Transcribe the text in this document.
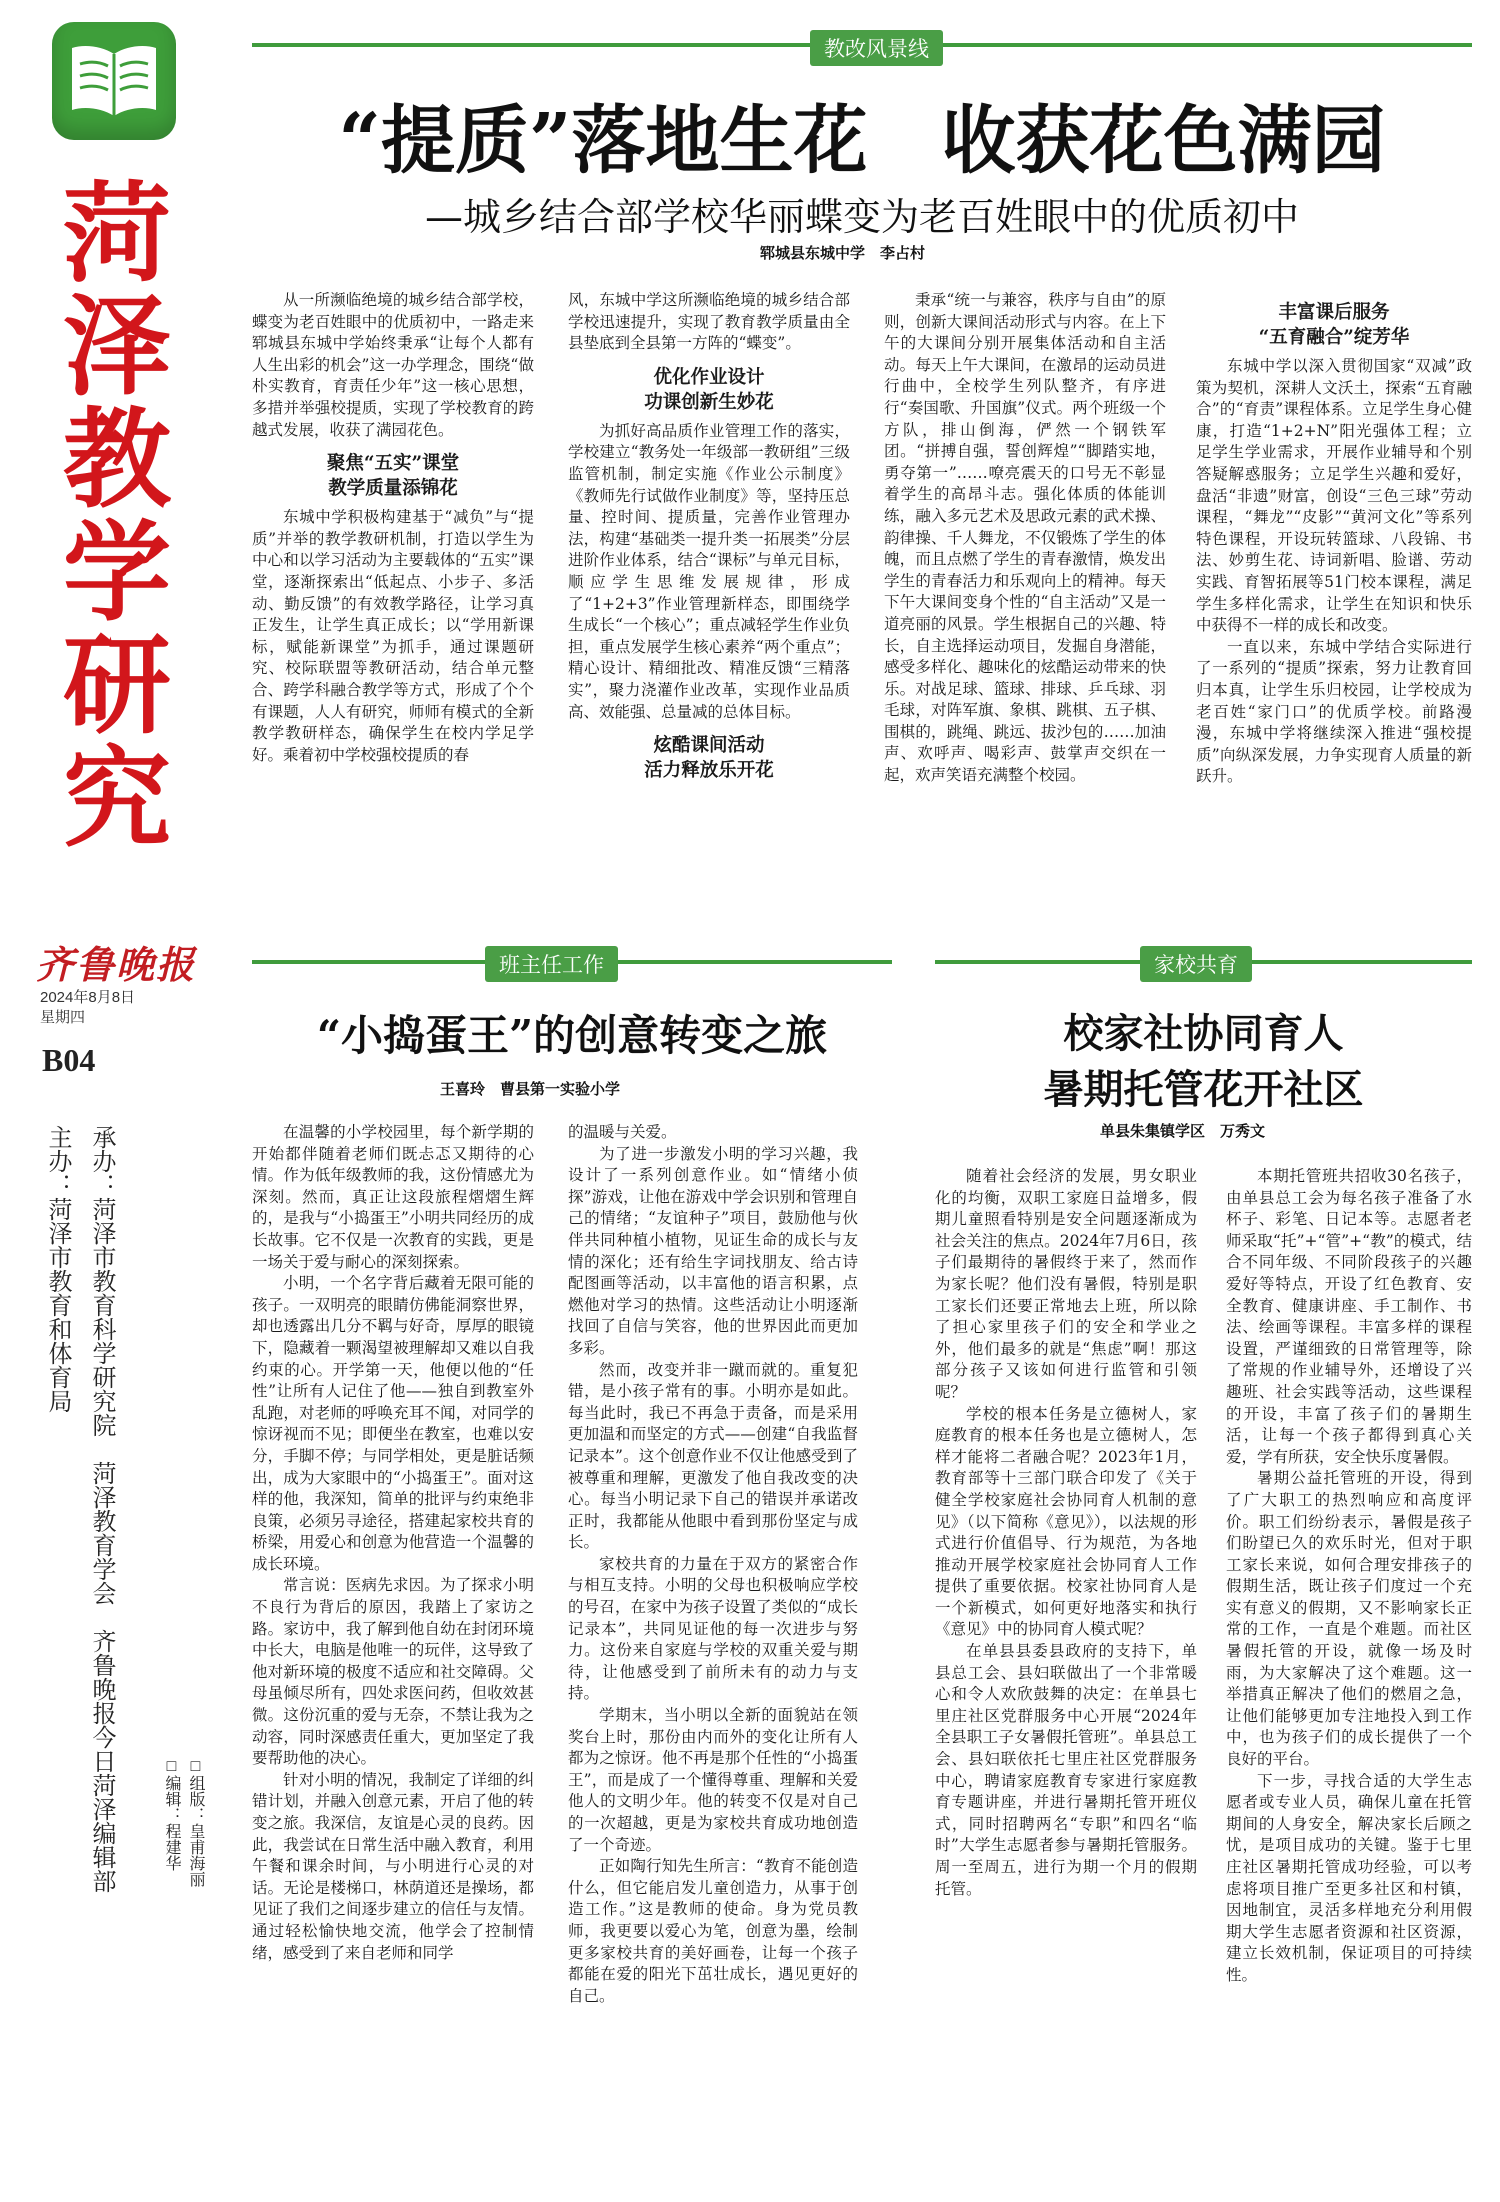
菏泽教学研究
齐鲁晚报
2024年8月8日
星期四
B04
主办：菏泽市教育和体育局 承办：菏泽市教育科学研究院　菏泽教育学会　齐鲁晚报今日菏泽编辑部	□编辑：程建华 □组版：皇甫海丽
教改风景线
“提质”落地生花　收获花色满园
—城乡结合部学校华丽蝶变为老百姓眼中的优质初中
郓城县东城中学　李占村

从一所濒临绝境的城乡结合部学校，蝶变为老百姓眼中的优质初中，一路走来郓城县东城中学始终秉承“让每个人都有人生出彩的机会”这一办学理念，围绕“做朴实教育，育责任少年”这一核心思想，多措并举强校提质，实现了学校教育的跨越式发展，收获了满园花色。

聚焦“五实”课堂
教学质量添锦花

东城中学积极构建基于“减负”与“提质”并举的教学教研机制，打造以学生为中心和以学习活动为主要载体的“五实”课堂，逐渐探索出“低起点、小步子、多活动、勤反馈”的有效教学路径，让学习真正发生，让学生真正成长；以“学用新课标，赋能新课堂”为抓手，通过课题研究、校际联盟等教研活动，结合单元整合、跨学科融合教学等方式，形成了个个有课题，人人有研究，师师有模式的全新教学教研样态，确保学生在校内学足学好。乘着初中学校强校提质的春

风，东城中学这所濒临绝境的城乡结合部学校迅速提升，实现了教育教学质量由全县垫底到全县第一方阵的“蝶变”。

优化作业设计
功课创新生妙花

为抓好高品质作业管理工作的落实，学校建立“教务处一年级部一教研组”三级监管机制，制定实施《作业公示制度》《教师先行试做作业制度》等，坚持压总量、控时间、提质量，完善作业管理办法，构建“基础类一提升类一拓展类”分层进阶作业体系，结合“课标”与单元目标，顺应学生思维发展规律，形成了“1+2+3”作业管理新样态，即围绕学生成长“一个核心”；重点减轻学生作业负担，重点发展学生核心素养“两个重点”；精心设计、精细批改、精准反馈“三精落实”，聚力浇灌作业改革，实现作业品质高、效能强、总量减的总体目标。

炫酷课间活动
活力释放乐开花

秉承“统一与兼容，秩序与自由”的原则，创新大课间活动形式与内容。在上下午的大课间分别开展集体活动和自主活动。每天上午大课间，在激昂的运动员进行曲中，全校学生列队整齐，有序进行“奏国歌、升国旗”仪式。两个班级一个方队，排山倒海，俨然一个钢铁军团。“拼搏自强，誓创辉煌”“脚踏实地，勇夺第一”……嘹亮震天的口号无不彰显着学生的高昂斗志。强化体质的体能训练，融入多元艺术及思政元素的武术操、韵律操、千人舞龙，不仅锻炼了学生的体魄，而且点燃了学生的青春激情，焕发出学生的青春活力和乐观向上的精神。每天下午大课间变身个性的“自主活动”又是一道亮丽的风景。学生根据自己的兴趣、特长，自主选择运动项目，发掘自身潜能，感受多样化、趣味化的炫酷运动带来的快乐。对战足球、篮球、排球、乒乓球、羽毛球，对阵军旗、象棋、跳棋、五子棋、围棋的，跳绳、跳远、拔沙包的……加油声、欢呼声、喝彩声、鼓掌声交织在一起，欢声笑语充满整个校园。

丰富课后服务
“五育融合”绽芳华

东城中学以深入贯彻国家“双减”政策为契机，深耕人文沃土，探索“五育融合”的“育责”课程体系。立足学生身心健康，打造“1+2+N”阳光强体工程；立足学生学业需求，开展作业辅导和个别答疑解惑服务；立足学生兴趣和爱好，盘活“非遗”财富，创设“三色三球”劳动课程，“舞龙”“皮影”“黄河文化”等系列特色课程，开设玩转篮球、八段锦、书法、妙剪生花、诗词新唱、脸谱、劳动实践、育智拓展等51门校本课程，满足学生多样化需求，让学生在知识和快乐中获得不一样的成长和改变。

一直以来，东城中学结合实际进行了一系列的“提质”探索，努力让教育回归本真，让学生乐归校园，让学校成为老百姓“家门口”的优质学校。前路漫漫，东城中学将继续深入推进“强校提质”向纵深发展，力争实现育人质量的新跃升。

班主任工作
“小捣蛋王”的创意转变之旅
王喜玲　曹县第一实验小学

在温馨的小学校园里，每个新学期的开始都伴随着老师们既忐忑又期待的心情。作为低年级教师的我，这份情感尤为深刻。然而，真正让这段旅程熠熠生辉的，是我与“小捣蛋王”小明共同经历的成长故事。它不仅是一次教育的实践，更是一场关于爱与耐心的深刻探索。

小明，一个名字背后藏着无限可能的孩子。一双明亮的眼睛仿佛能洞察世界，却也透露出几分不羁与好奇，厚厚的眼镜下，隐藏着一颗渴望被理解却又难以自我约束的心。开学第一天，他便以他的“任性”让所有人记住了他——独自到教室外乱跑，对老师的呼唤充耳不闻，对同学的惊讶视而不见；即便坐在教室，也难以安分，手脚不停；与同学相处，更是脏话频出，成为大家眼中的“小捣蛋王”。面对这样的他，我深知，简单的批评与约束绝非良策，必须另寻途径，搭建起家校共育的桥梁，用爱心和创意为他营造一个温馨的成长环境。

常言说：医病先求因。为了探求小明不良行为背后的原因，我踏上了家访之路。家访中，我了解到他自幼在封闭环境中长大，电脑是他唯一的玩伴，这导致了他对新环境的极度不适应和社交障碍。父母虽倾尽所有，四处求医问药，但收效甚微。这份沉重的爱与无奈，不禁让我为之动容，同时深感责任重大，更加坚定了我要帮助他的决心。

针对小明的情况，我制定了详细的纠错计划，并融入创意元素，开启了他的转变之旅。我深信，友谊是心灵的良药。因此，我尝试在日常生活中融入教育，利用午餐和课余时间，与小明进行心灵的对话。无论是楼梯口，林荫道还是操场，都见证了我们之间逐步建立的信任与友情。通过轻松愉快地交流，他学会了控制情绪，感受到了来自老师和同学

的温暖与关爱。

为了进一步激发小明的学习兴趣，我设计了一系列创意作业。如“情绪小侦探”游戏，让他在游戏中学会识别和管理自己的情绪；“友谊种子”项目，鼓励他与伙伴共同种植小植物，见证生命的成长与友情的深化；还有给生字词找朋友、给古诗配图画等活动，以丰富他的语言积累，点燃他对学习的热情。这些活动让小明逐渐找回了自信与笑容，他的世界因此而更加多彩。

然而，改变并非一蹴而就的。重复犯错，是小孩子常有的事。小明亦是如此。每当此时，我已不再急于责备，而是采用更加温和而坚定的方式——创建“自我监督记录本”。这个创意作业不仅让他感受到了被尊重和理解，更激发了他自我改变的决心。每当小明记录下自己的错误并承诺改正时，我都能从他眼中看到那份坚定与成长。

家校共育的力量在于双方的紧密合作与相互支持。小明的父母也积极响应学校的号召，在家中为孩子设置了类似的“成长记录本”，共同见证他的每一次进步与努力。这份来自家庭与学校的双重关爱与期待，让他感受到了前所未有的动力与支持。

学期末，当小明以全新的面貌站在领奖台上时，那份由内而外的变化让所有人都为之惊讶。他不再是那个任性的“小捣蛋王”，而是成了一个懂得尊重、理解和关爱他人的文明少年。他的转变不仅是对自己的一次超越，更是为家校共育成功地创造了一个奇迹。

正如陶行知先生所言：“教育不能创造什么，但它能启发儿童创造力，从事于创造工作。”这是教师的使命。身为党员教师，我更要以爱心为笔，创意为墨，绘制更多家校共育的美好画卷，让每一个孩子都能在爱的阳光下茁壮成长，遇见更好的自己。

家校共育
校家社协同育人
暑期托管花开社区
单县朱集镇学区　万秀文

随着社会经济的发展，男女职业化的均衡，双职工家庭日益增多，假期儿童照看特别是安全问题逐渐成为社会关注的焦点。2024年7月6日，孩子们最期待的暑假终于来了，然而作为家长呢？他们没有暑假，特别是职工家长们还要正常地去上班，所以除了担心家里孩子们的安全和学业之外，他们最多的就是“焦虑”啊！那这部分孩子又该如何进行监管和引领呢？

学校的根本任务是立德树人，家庭教育的根本任务也是立德树人，怎样才能将二者融合呢？2023年1月，教育部等十三部门联合印发了《关于健全学校家庭社会协同育人机制的意见》（以下简称《意见》），以法规的形式进行价值倡导、行为规范，为各地推动开展学校家庭社会协同育人工作提供了重要依据。校家社协同育人是一个新模式，如何更好地落实和执行《意见》中的协同育人模式呢？

在单县县委县政府的支持下，单县总工会、县妇联做出了一个非常暖心和令人欢欣鼓舞的决定：在单县七里庄社区党群服务中心开展“2024年全县职工子女暑假托管班”。单县总工会、县妇联依托七里庄社区党群服务中心，聘请家庭教育专家进行家庭教育专题讲座，并进行暑期托管开班仪式，同时招聘两名“专职”和四名“临时”大学生志愿者参与暑期托管服务。周一至周五，进行为期一个月的假期托管。

本期托管班共招收30名孩子，由单县总工会为每名孩子准备了水杯子、彩笔、日记本等。志愿者老师采取“托”+“管”+“教”的模式，结合不同年级、不同阶段孩子的兴趣爱好等特点，开设了红色教育、安全教育、健康讲座、手工制作、书法、绘画等课程。丰富多样的课程设置，严谨细致的日常管理等，除了常规的作业辅导外，还增设了兴趣班、社会实践等活动，这些课程的开设，丰富了孩子们的暑期生活，让每一个孩子都得到真心关爱，学有所获，安全快乐度暑假。

暑期公益托管班的开设，得到了广大职工的热烈响应和高度评价。职工们纷纷表示，暑假是孩子们盼望已久的欢乐时光，但对于职工家长来说，如何合理安排孩子的假期生活，既让孩子们度过一个充实有意义的假期，又不影响家长正常的工作，一直是个难题。而社区暑假托管的开设，就像一场及时雨，为大家解决了这个难题。这一举措真正解决了他们的燃眉之急，让他们能够更加专注地投入到工作中，也为孩子们的成长提供了一个良好的平台。

下一步，寻找合适的大学生志愿者或专业人员，确保儿童在托管期间的人身安全，解决家长后顾之忧，是项目成功的关键。鉴于七里庄社区暑期托管成功经验，可以考虑将项目推广至更多社区和村镇，因地制宜，灵活多样地充分利用假期大学生志愿者资源和社区资源，建立长效机制，保证项目的可持续性。
